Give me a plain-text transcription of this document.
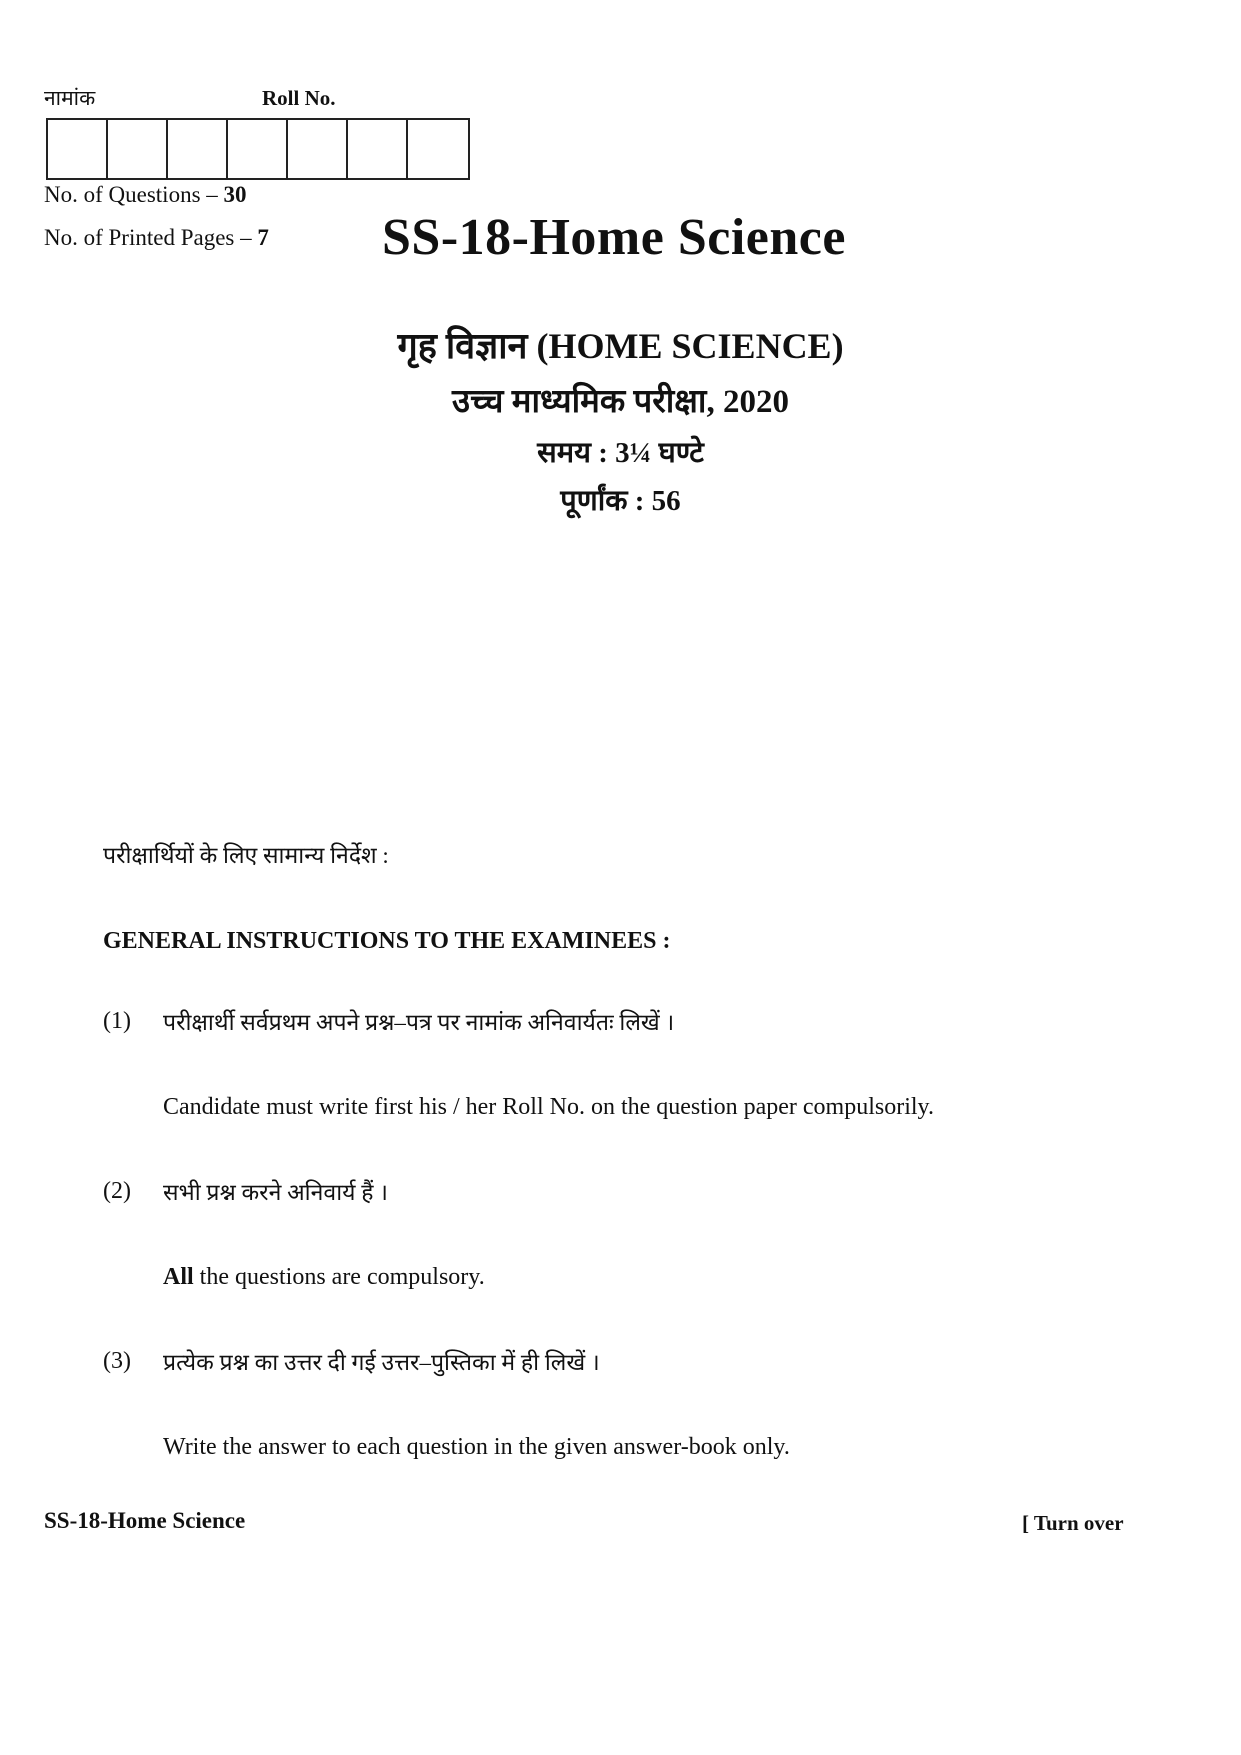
नामांक	Roll No.
No. of Questions – 30
No. of Printed Pages – 7 SS-18-Home Science
गृह विज्ञान (HOME SCIENCE)
उच्च माध्यमिक परीक्षा, 2020
समय : 3¼ घण्टे
पूर्णांक : 56
परीक्षार्थियों के लिए सामान्य निर्देश :
GENERAL INSTRUCTIONS TO THE EXAMINEES :
(1) परीक्षार्थी सर्वप्रथम अपने प्रश्न–पत्र पर नामांक अनिवार्यतः लिखें ।
Candidate must write first his / her Roll No. on the question paper compulsorily.
(2) सभी प्रश्न करने अनिवार्य हैं ।
All the questions are compulsory.
(3) प्रत्येक प्रश्न का उत्तर दी गई उत्तर–पुस्तिका में ही लिखें ।
Write the answer to each question in the given answer-book only.
SS-18-Home Science	[ Turn over
